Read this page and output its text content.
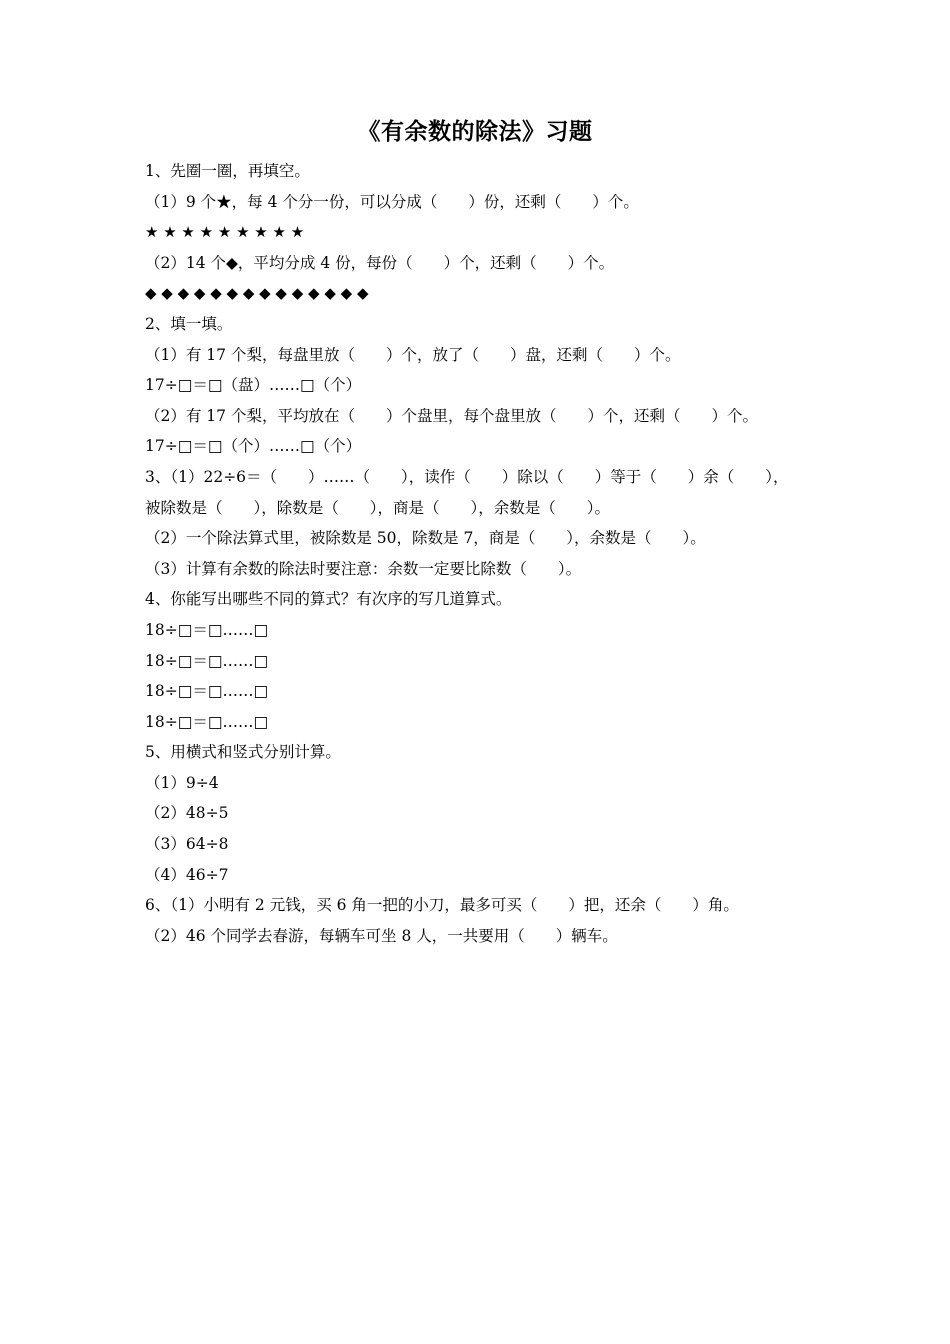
《有余数的除法》习题
1、先圈一圈，再填空。
（1）9 个★，每 4 个分一份，可以分成（　　）份，还剩（　　）个。
★ ★ ★ ★ ★ ★ ★ ★ ★
（2）14 个◆，平均分成 4 份，每份（　　）个，还剩（　　）个。
◆ ◆ ◆ ◆ ◆ ◆ ◆ ◆ ◆ ◆ ◆ ◆ ◆ ◆
2、填一填。
（1）有 17 个梨，每盘里放（　　）个，放了（　　）盘，还剩（　　）个。
17÷□＝□（盘）……□（个）
（2）有 17 个梨，平均放在（　　）个盘里，每个盘里放（　　）个，还剩（　　）个。
17÷□＝□（个）……□（个）
3、（1）22÷6＝（　　）……（　　），读作（　　）除以（　　）等于（　　）余（　　），
被除数是（　　），除数是（　　），商是（　　），余数是（　　）。
（2）一个除法算式里，被除数是 50，除数是 7，商是（　　），余数是（　　）。
（3）计算有余数的除法时要注意：余数一定要比除数（　　）。
4、你能写出哪些不同的算式？有次序的写几道算式。
18÷□＝□……□
18÷□＝□……□
18÷□＝□……□
18÷□＝□……□
5、用横式和竖式分别计算。
（1）9÷4
（2）48÷5
（3）64÷8
（4）46÷7
6、（1）小明有 2 元钱，买 6 角一把的小刀，最多可买（　　）把，还余（　　）角。
（2）46 个同学去春游，每辆车可坐 8 人，一共要用（　　）辆车。
